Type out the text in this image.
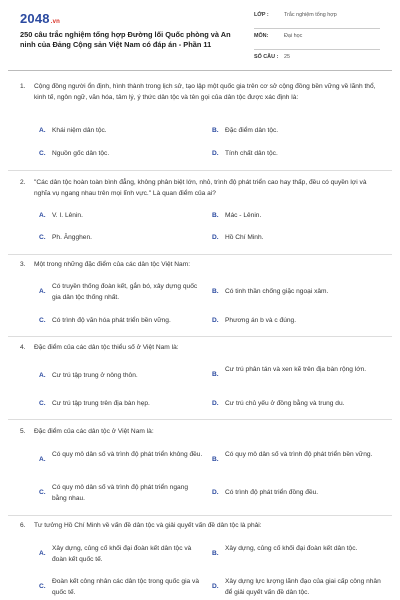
2048.vn
250 câu trắc nghiệm tổng hợp Đường lối Quốc phòng và An ninh của Đảng Cộng sản Việt Nam có đáp án - Phần 11
LỚP :	Trắc nghiệm tổng hợp
MÔN:	Đại học
SỐ CÂU :	25
1.	Cộng đồng người ổn định, hình thành trong lịch sử, tạo lập một quốc gia trên cơ sở cộng đồng bền vững về lãnh thổ, kinh tế, ngôn ngữ, văn hóa, tâm lý, ý thức dân tộc và tên gọi của dân tộc được xác định là:
A. Khái niệm dân tộc.	B. Đặc điểm dân tộc.
C. Nguồn gốc dân tộc.	D. Tính chất dân tộc.
2.	"Các dân tộc hoàn toàn bình đẳng, không phân biệt lớn, nhỏ, trình độ phát triển cao hay thấp, đều có quyền lợi và nghĩa vụ ngang nhau trên mọi lĩnh vực." Là quan điểm của ai?
A. V. I. Lênin.	B. Mác - Lênin.
C. Ph. Ăngghen.	D. Hồ Chí Minh.
3.	Một trong những đặc điểm của các dân tộc Việt Nam:
A.
Có truyền thống đoàn kết, gắn bó, xây dựng quốc gia dân tộc thống nhất.
B. Có tinh thần chống giặc ngoại xâm.
C. Có trình độ văn hóa phát triển bền vững.	D. Phương án b và c đúng.
4.	Đặc điểm của các dân tộc thiểu số ở Việt Nam là:
A. Cư trú tập trung ở nông thôn.	B.
Cư trú phân tán và xen kẽ trên địa bàn rộng lớn.
C. Cư trú tập trung trên địa bàn hẹp.	D. Cư trú chủ yếu ở đồng bằng và trung du.
5.	Đặc điểm của các dân tộc ở Việt Nam là:
A.
Có quy mô dân số và trình độ phát triển không đều.
B.
Có quy mô dân số và trình độ phát triển bền vững.
C.
Có quy mô dân số và trình độ phát triển ngang bằng nhau.
D. Có trình độ phát triển đồng đều.
6.	Tư tưởng Hồ Chí Minh về vấn đề dân tộc và giải quyết vấn đề dân tộc là phải:
A.
Xây dựng, củng cố khối đại đoàn kết dân tộc và đoàn kết quốc tế.
B.
Xây dựng, củng cố khối đại đoàn kết dân tộc.
C.
Đoàn kết công nhân các dân tộc trong quốc gia và quốc tế.
D.
Xây dựng lực lượng lãnh đạo của giai cấp công nhân để giải quyết vấn đề dân tộc.
